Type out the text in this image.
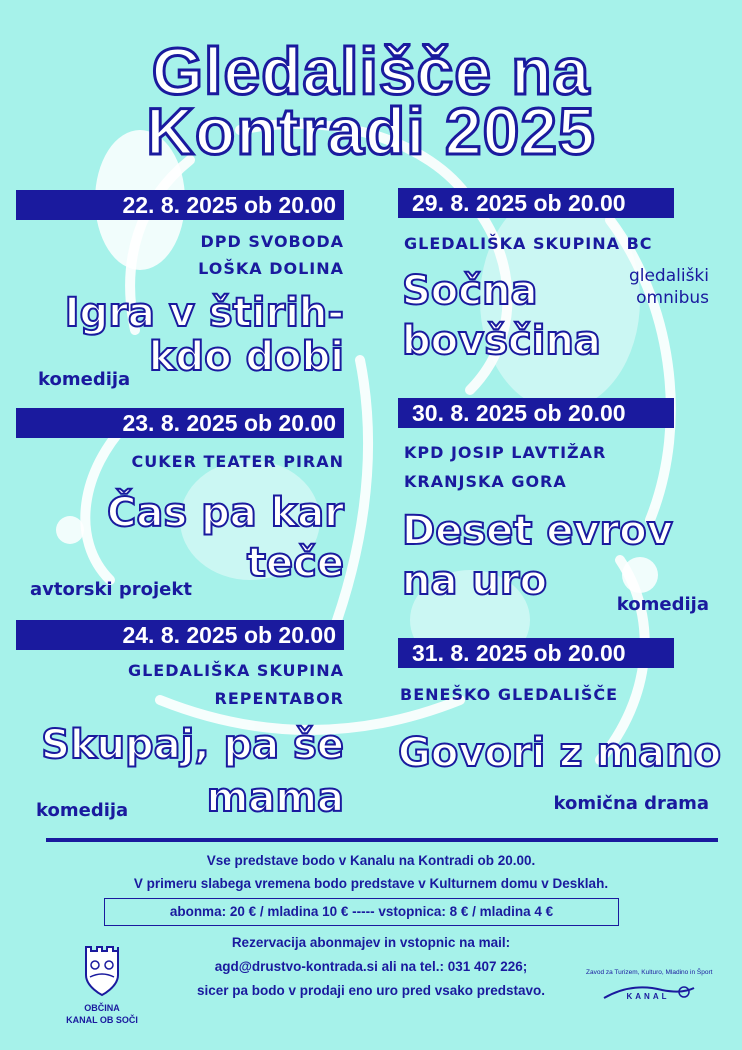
Gledališče na
Kontradi 2025
22. 8. 2025 ob 20.00
DPD SVOBODA
LOŠKA DOLINA
Igra v štirih-
kdo dobi
komedija
23. 8. 2025 ob 20.00
CUKER TEATER PIRAN
Čas pa kar
teče
avtorski projekt
24. 8. 2025 ob 20.00
GLEDALIŠKA SKUPINA
REPENTABOR
Skupaj, pa še
mama
komedija
29. 8. 2025 ob 20.00
GLEDALIŠKA SKUPINA BC
Sočna
bovščina
gledališki
omnibus
30. 8. 2025 ob 20.00
KPD JOSIP LAVTIŽAR
KRANJSKA GORA
Deset evrov
na uro
komedija
31. 8. 2025 ob 20.00
BENEŠKO GLEDALIŠČE
Govori z mano
komična drama
Vse predstave bodo v Kanalu na Kontradi ob 20.00.
V primeru slabega vremena bodo predstave v Kulturnem domu v Desklah.
abonma: 20 € / mladina 10 € ----- vstopnica: 8 € / mladina 4 €
Rezervacija abonmajev in vstopnic na mail:
agd@drustvo-kontrada.si ali na tel.: 031 407 226;
sicer pa bodo v prodaji eno uro pred vsako predstavo.
OBČINA
KANAL OB SOČI
Zavod za Turizem, Kulturo, Mladino in Šport
KANAL
